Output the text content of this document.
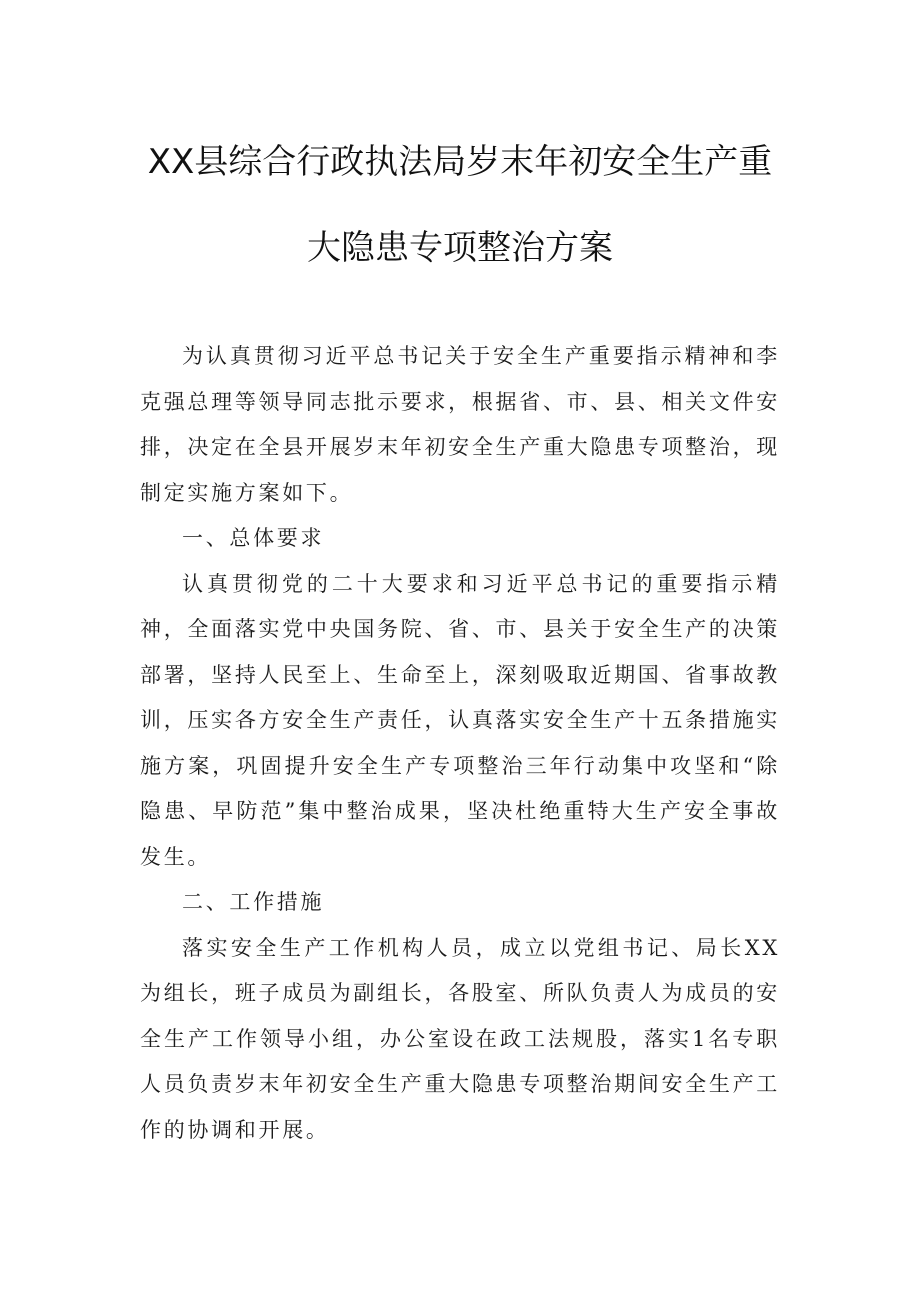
XX县综合行政执法局岁末年初安全生产重
大隐患专项整治方案

为认真贯彻习近平总书记关于安全生产重要指示精神和李克强总理等领导同志批示要求，根据省、市、县、相关文件安排，决定在全县开展岁末年初安全生产重大隐患专项整治，现制定实施方案如下。

一、总体要求

认真贯彻党的二十大要求和习近平总书记的重要指示精神，全面落实党中央国务院、省、市、县关于安全生产的决策部署，坚持人民至上、生命至上，深刻吸取近期国、省事故教训，压实各方安全生产责任，认真落实安全生产十五条措施实施方案，巩固提升安全生产专项整治三年行动集中攻坚和“除隐患、早防范”集中整治成果，坚决杜绝重特大生产安全事故发生。

二、工作措施

落实安全生产工作机构人员，成立以党组书记、局长XX为组长，班子成员为副组长，各股室、所队负责人为成员的安全生产工作领导小组，办公室设在政工法规股，落实1名专职人员负责岁末年初安全生产重大隐患专项整治期间安全生产工作的协调和开展。
